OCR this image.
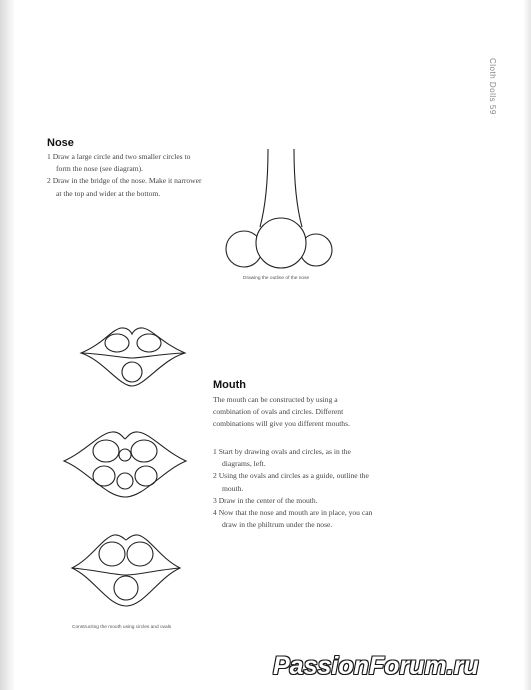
Cloth Dolls 59
Nose
1 Draw a large circle and two smaller circles to form the nose (see diagram).
2 Draw in the bridge of the nose. Make it narrower at the top and wider at the bottom.
Drawing the outline of the nose
Constructing the mouth using circles and ovals
Mouth
The mouth can be constructed by using a combination of ovals and circles. Different combinations will give you different mouths.
1 Start by drawing ovals and circles, as in the diagrams, left.
2 Using the ovals and circles as a guide, outline the mouth.
3 Draw in the center of the mouth.
4 Now that the nose and mouth are in place, you can draw in the philtrum under the nose.
PassionForum.ru
